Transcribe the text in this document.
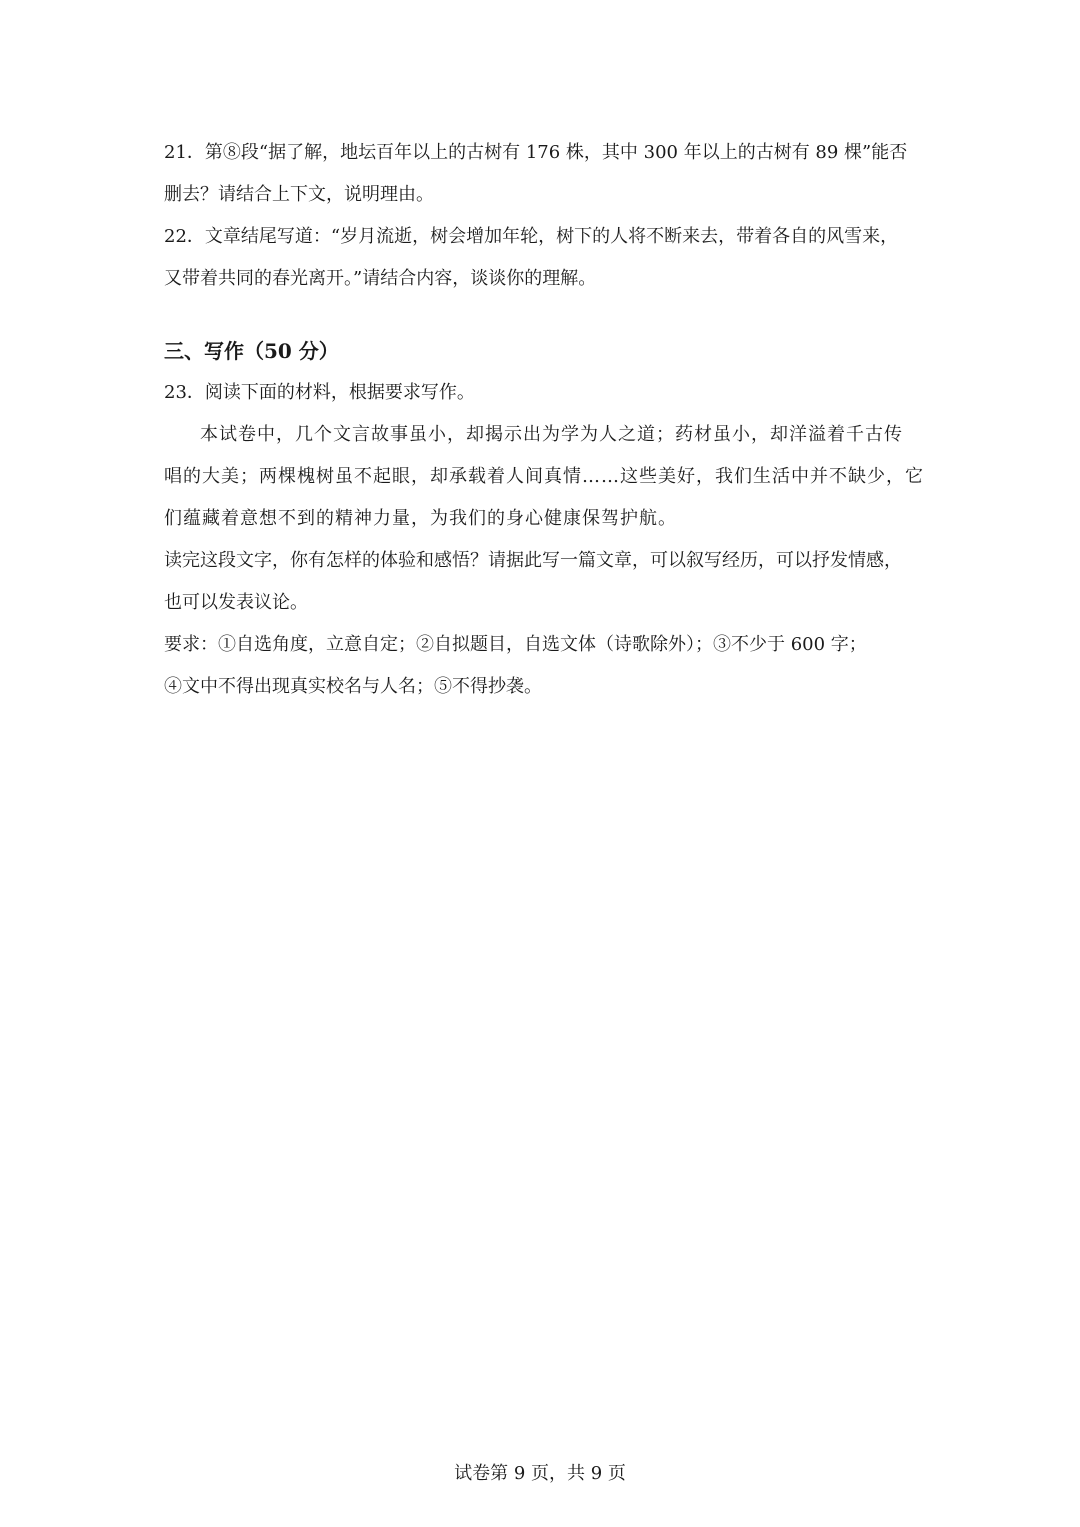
21．第⑧段“据了解，地坛百年以上的古树有 176 株，其中 300 年以上的古树有 89 棵”能否

删去？请结合上下文，说明理由。

22．文章结尾写道：“岁月流逝，树会增加年轮，树下的人将不断来去，带着各自的风雪来，

又带着共同的春光离开。”请结合内容，谈谈你的理解。

三、写作（50 分）

23．阅读下面的材料，根据要求写作。

本试卷中，几个文言故事虽小，却揭示出为学为人之道；药材虽小，却洋溢着千古传

唱的大美；两棵槐树虽不起眼，却承载着人间真情……这些美好，我们生活中并不缺少，它

们蕴藏着意想不到的精神力量，为我们的身心健康保驾护航。

读完这段文字，你有怎样的体验和感悟？请据此写一篇文章，可以叙写经历，可以抒发情感，

也可以发表议论。

要求：①自选角度，立意自定；②自拟题目，自选文体（诗歌除外）；③不少于 600 字；

④文中不得出现真实校名与人名；⑤不得抄袭。

试卷第 9 页，共 9 页
